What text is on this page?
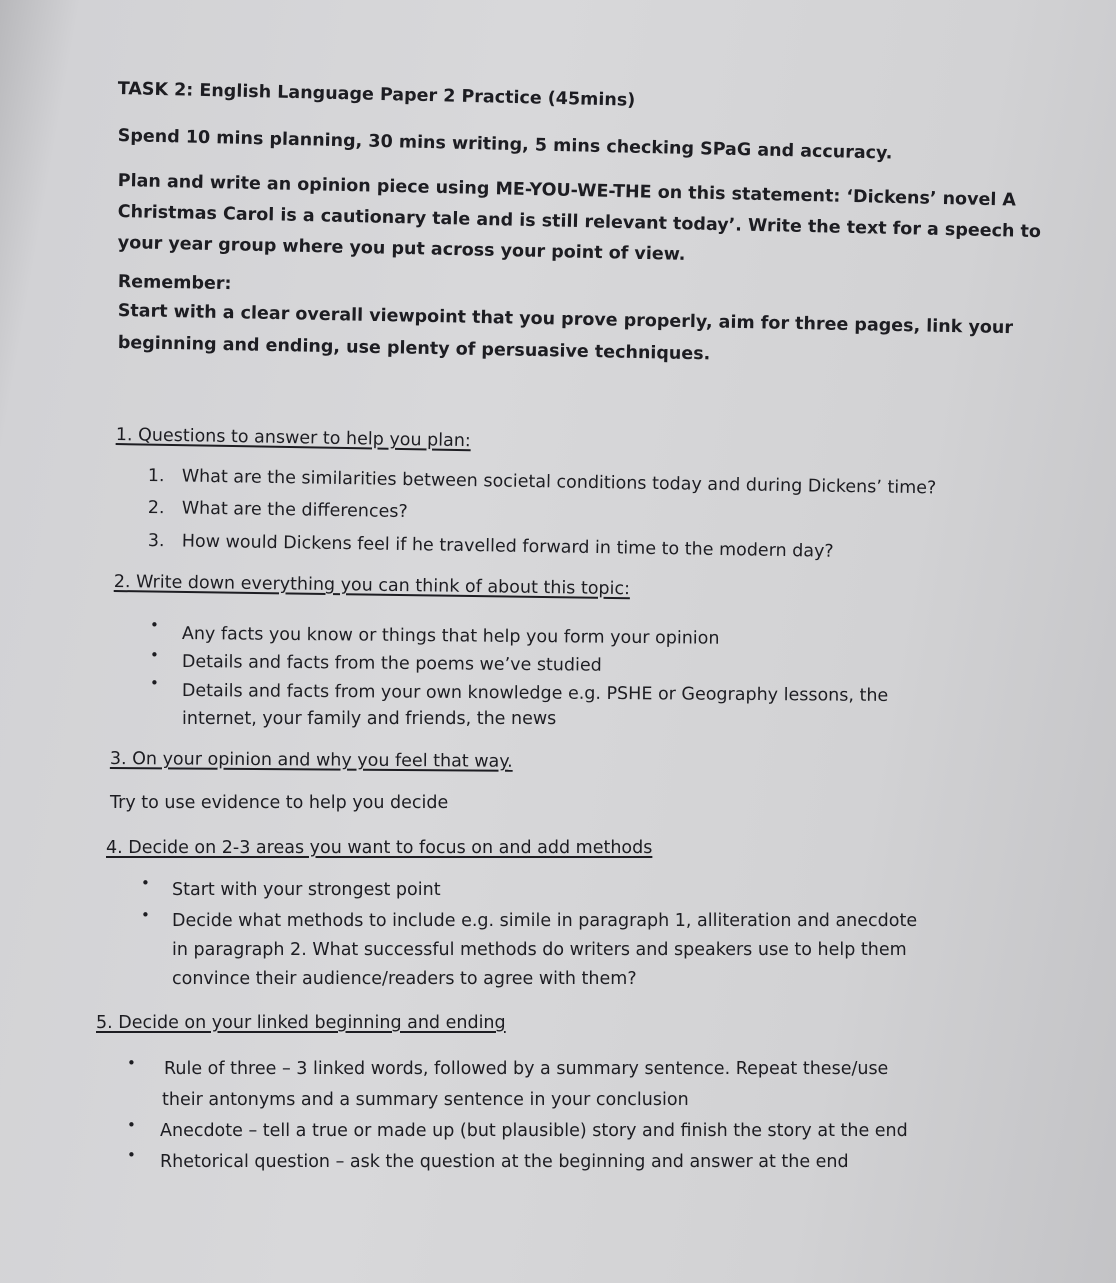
TASK 2: English Language Paper 2 Practice (45mins)
Spend 10 mins planning, 30 mins writing, 5 mins checking SPaG and accuracy.
Plan and write an opinion piece using ME-YOU-WE-THE on this statement: ‘Dickens’ novel A
Christmas Carol is a cautionary tale and is still relevant today’. Write the text for a speech to
your year group where you put across your point of view.
Remember:
Start with a clear overall viewpoint that you prove properly, aim for three pages, link your
beginning and ending, use plenty of persuasive techniques.
1. Questions to answer to help you plan:
1. What are the similarities between societal conditions today and during Dickens’ time?
2. What are the differences?
3. How would Dickens feel if he travelled forward in time to the modern day?
2. Write down everything you can think of about this topic:
• Any facts you know or things that help you form your opinion
• Details and facts from the poems we’ve studied
• Details and facts from your own knowledge e.g. PSHE or Geography lessons, the
internet, your family and friends, the news
3. On your opinion and why you feel that way.
Try to use evidence to help you decide
4. Decide on 2-3 areas you want to focus on and add methods
• Start with your strongest point
• Decide what methods to include e.g. simile in paragraph 1, alliteration and anecdote
in paragraph 2. What successful methods do writers and speakers use to help them
convince their audience/readers to agree with them?
5. Decide on your linked beginning and ending
• Rule of three – 3 linked words, followed by a summary sentence. Repeat these/use
their antonyms and a summary sentence in your conclusion
• Anecdote – tell a true or made up (but plausible) story and finish the story at the end
• Rhetorical question – ask the question at the beginning and answer at the end
